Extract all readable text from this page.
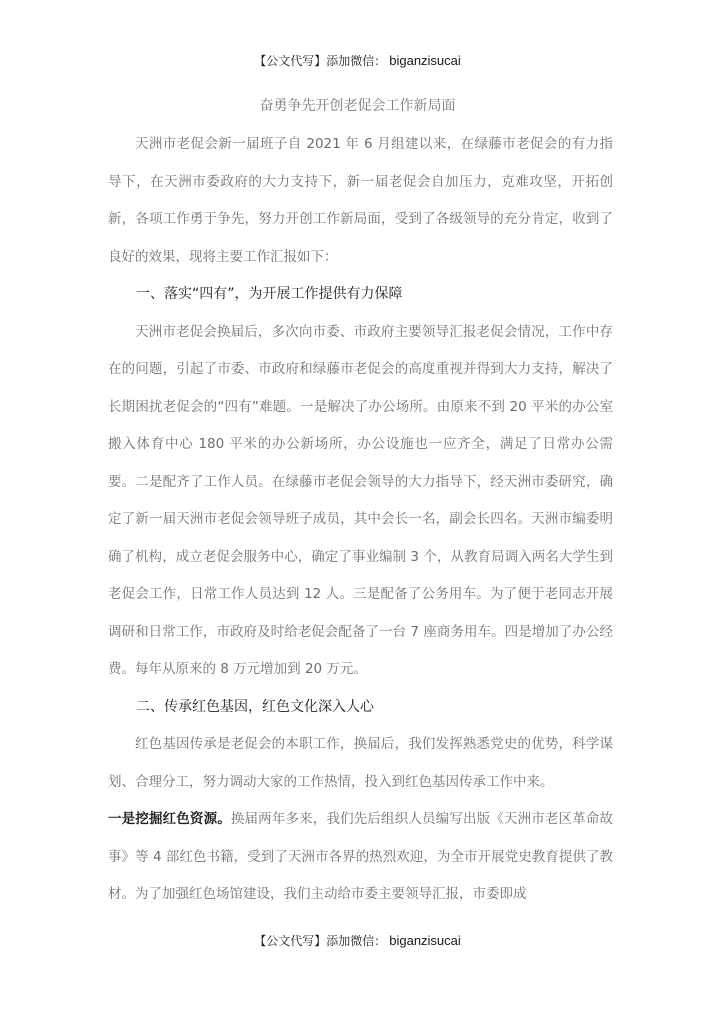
【公文代写】添加微信： biganzisucai
奋勇争先开创老促会工作新局面

天洲市老促会新一届班子自 2021 年 6 月组建以来，在绿藤市老促会的有力指导下，在天洲市委政府的大力支持下，新一届老促会自加压力，克难攻坚，开拓创新，各项工作勇于争先，努力开创工作新局面，受到了各级领导的充分肯定，收到了良好的效果，现将主要工作汇报如下：

一、落实“四有”，为开展工作提供有力保障

天洲市老促会换届后，多次向市委、市政府主要领导汇报老促会情况，工作中存在的问题，引起了市委、市政府和绿藤市老促会的高度重视并得到大力支持，解决了长期困扰老促会的“四有”难题。一是解决了办公场所。由原来不到 20 平米的办公室搬入体育中心 180 平米的办公新场所，办公设施也一应齐全，满足了日常办公需要。二是配齐了工作人员。在绿藤市老促会领导的大力指导下，经天洲市委研究，确定了新一届天洲市老促会领导班子成员，其中会长一名，副会长四名。天洲市编委明确了机构，成立老促会服务中心，确定了事业编制 3 个，从教育局调入两名大学生到老促会工作，日常工作人员达到 12 人。三是配备了公务用车。为了便于老同志开展调研和日常工作，市政府及时给老促会配备了一台 7 座商务用车。四是增加了办公经费。每年从原来的 8 万元增加到 20 万元。

二、传承红色基因，红色文化深入人心

红色基因传承是老促会的本职工作，换届后，我们发挥熟悉党史的优势，科学谋划、合理分工，努力调动大家的工作热情，投入到红色基因传承工作中来。

一是挖掘红色资源。换届两年多来，我们先后组织人员编写出版《天洲市老区革命故事》等 4 部红色书籍，受到了天洲市各界的热烈欢迎，为全市开展党史教育提供了教材。为了加强红色场馆建设，我们主动给市委主要领导汇报，市委即成

【公文代写】添加微信： biganzisucai
